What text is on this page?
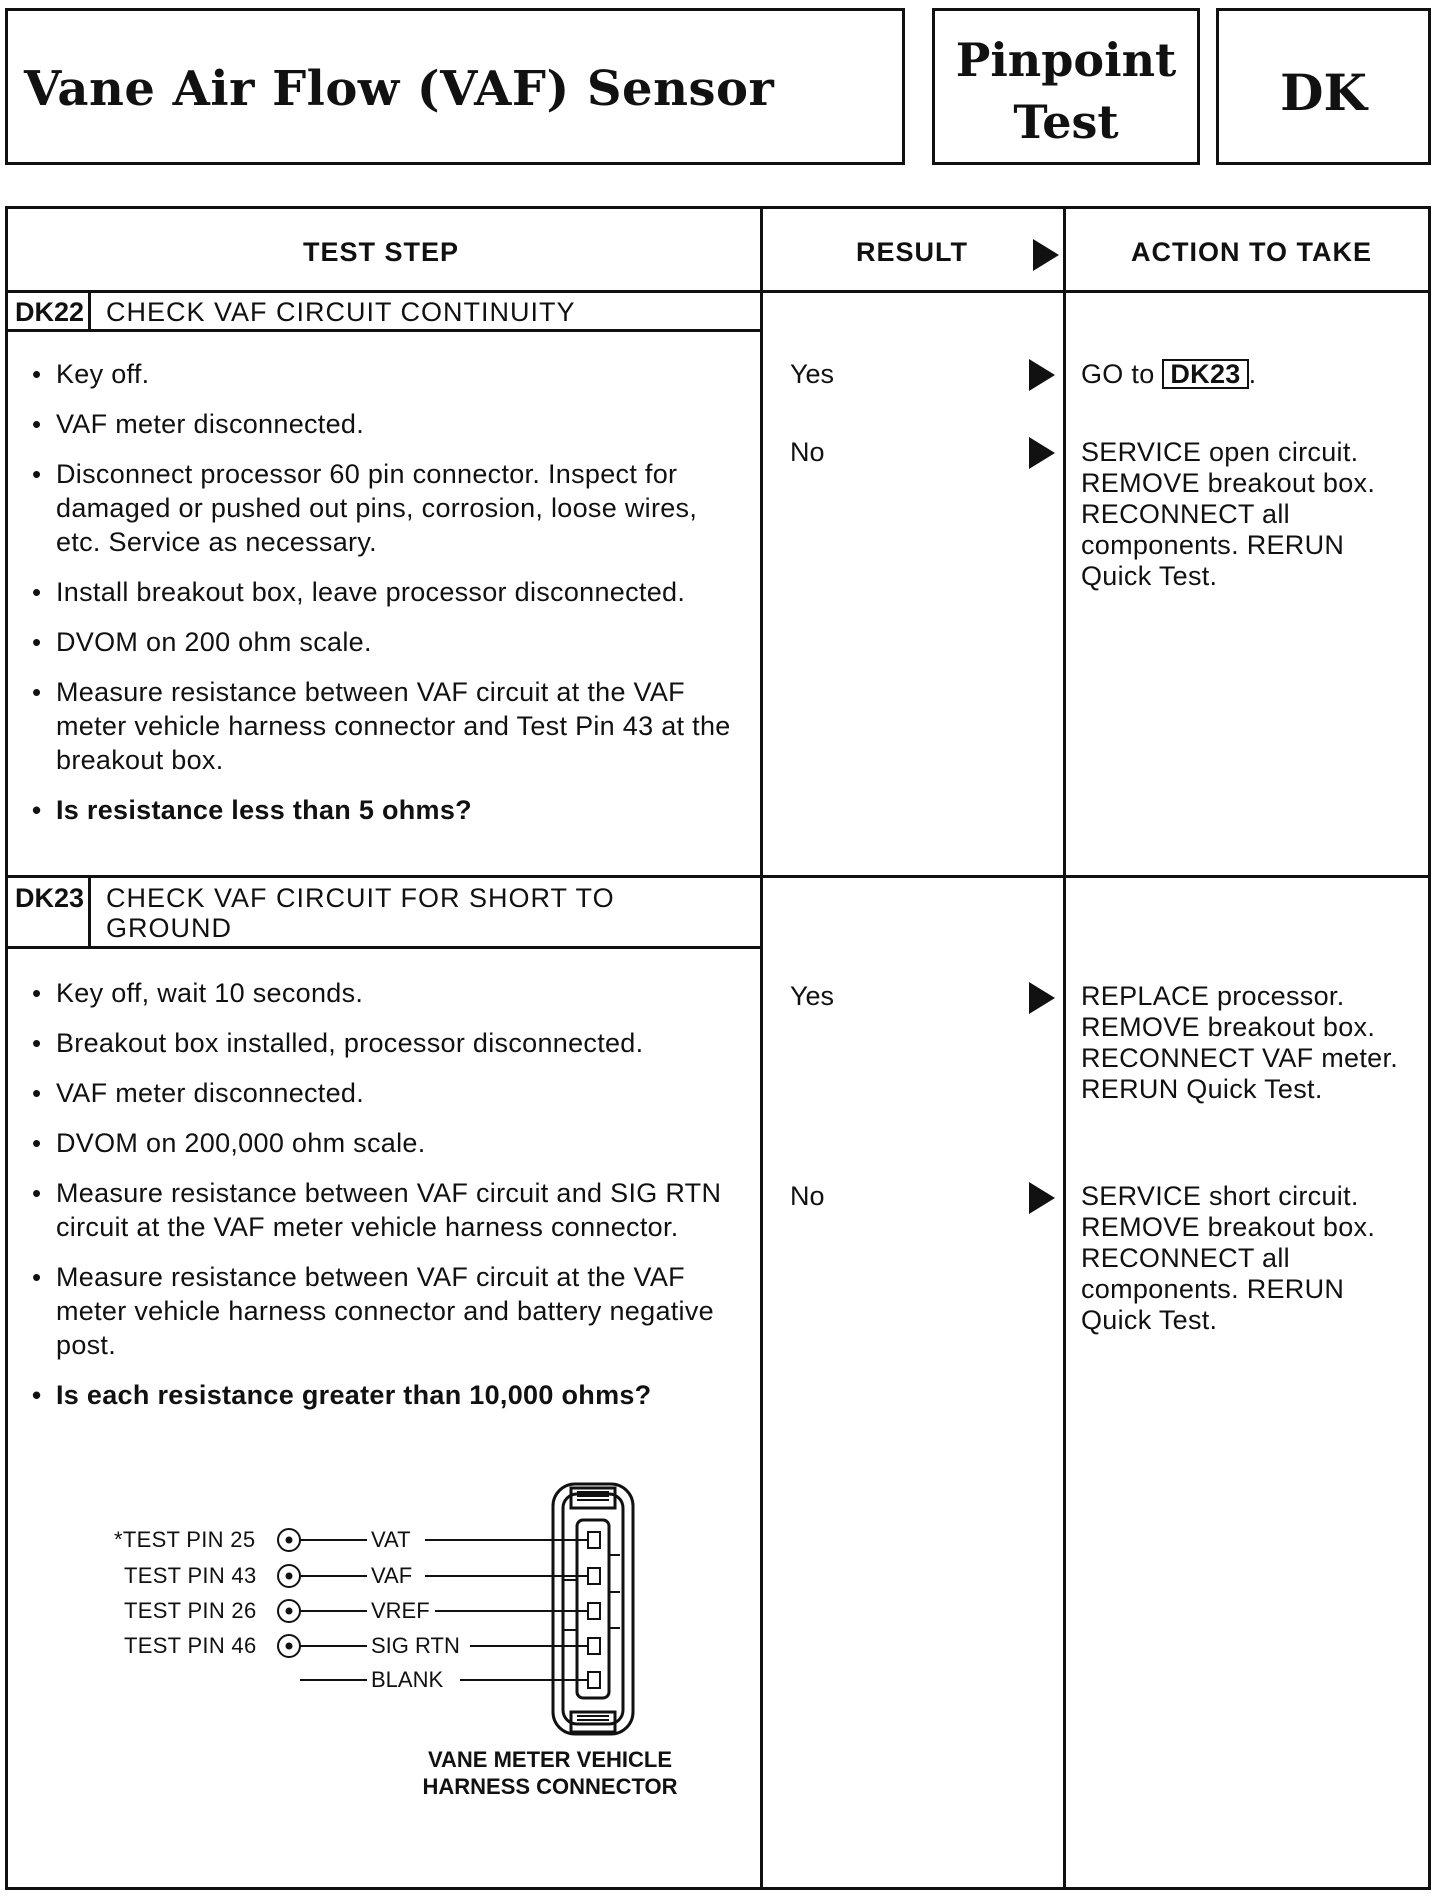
Vane Air Flow (VAF) Sensor
Pinpoint
Test	DK
TEST STEP	RESULT	ACTION TO TAKE
DK22 CHECK VAF CIRCUIT CONTINUITY
• Key off.
• VAF meter disconnected.
• Disconnect processor 60 pin connector. Inspect for damaged or pushed out pins, corrosion, loose wires, etc. Service as necessary.
• Install breakout box, leave processor disconnected.
• DVOM on 200 ohm scale.
• Measure resistance between VAF circuit at the VAF meter vehicle harness connector and Test Pin 43 at the breakout box.
• Is resistance less than 5 ohms?
Yes	GO to DK23 .
No	SERVICE open circuit. REMOVE breakout box. RECONNECT all components. RERUN Quick Test.
DK23 CHECK VAF CIRCUIT FOR SHORT TO GROUND
• Key off, wait 10 seconds.
• Breakout box installed, processor disconnected.
• VAF meter disconnected.
• DVOM on 200,000 ohm scale.
• Measure resistance between VAF circuit and SIG RTN circuit at the VAF meter vehicle harness connector.
• Measure resistance between VAF circuit at the VAF meter vehicle harness connector and battery negative post.
• Is each resistance greater than 10,000 ohms?
Yes	REPLACE processor. REMOVE breakout box. RECONNECT VAF meter. RERUN Quick Test.
No	SERVICE short circuit. REMOVE breakout box. RECONNECT all components. RERUN Quick Test.
*TEST PIN 25
TEST PIN 43
TEST PIN 26
TEST PIN 46
VAT
VAF
VREF
SIG RTN
BLANK
VANE METER VEHICLE
HARNESS CONNECTOR
